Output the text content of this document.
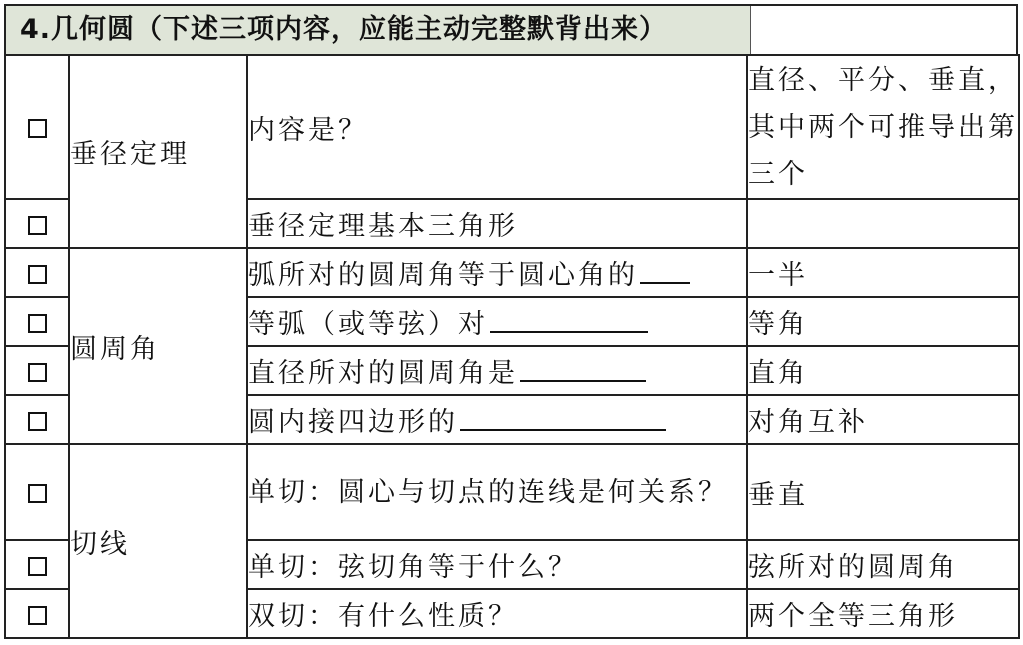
4.几何圆（下述三项内容，应能主动完整默背出来）
	垂径定理	内容是？	直径、平分、垂直，其中两个可推导出第三个
		垂径定理基本三角形	
	圆周角	弧所对的圆周角等于圆心角的	一半
		等弧（或等弦）对	等角
		直径所对的圆周角是	直角
		圆内接四边形的	对角互补
	切线	单切：圆心与切点的连线是何关系？	垂直
		单切：弦切角等于什么？	弦所对的圆周角
		双切：有什么性质？	两个全等三角形
